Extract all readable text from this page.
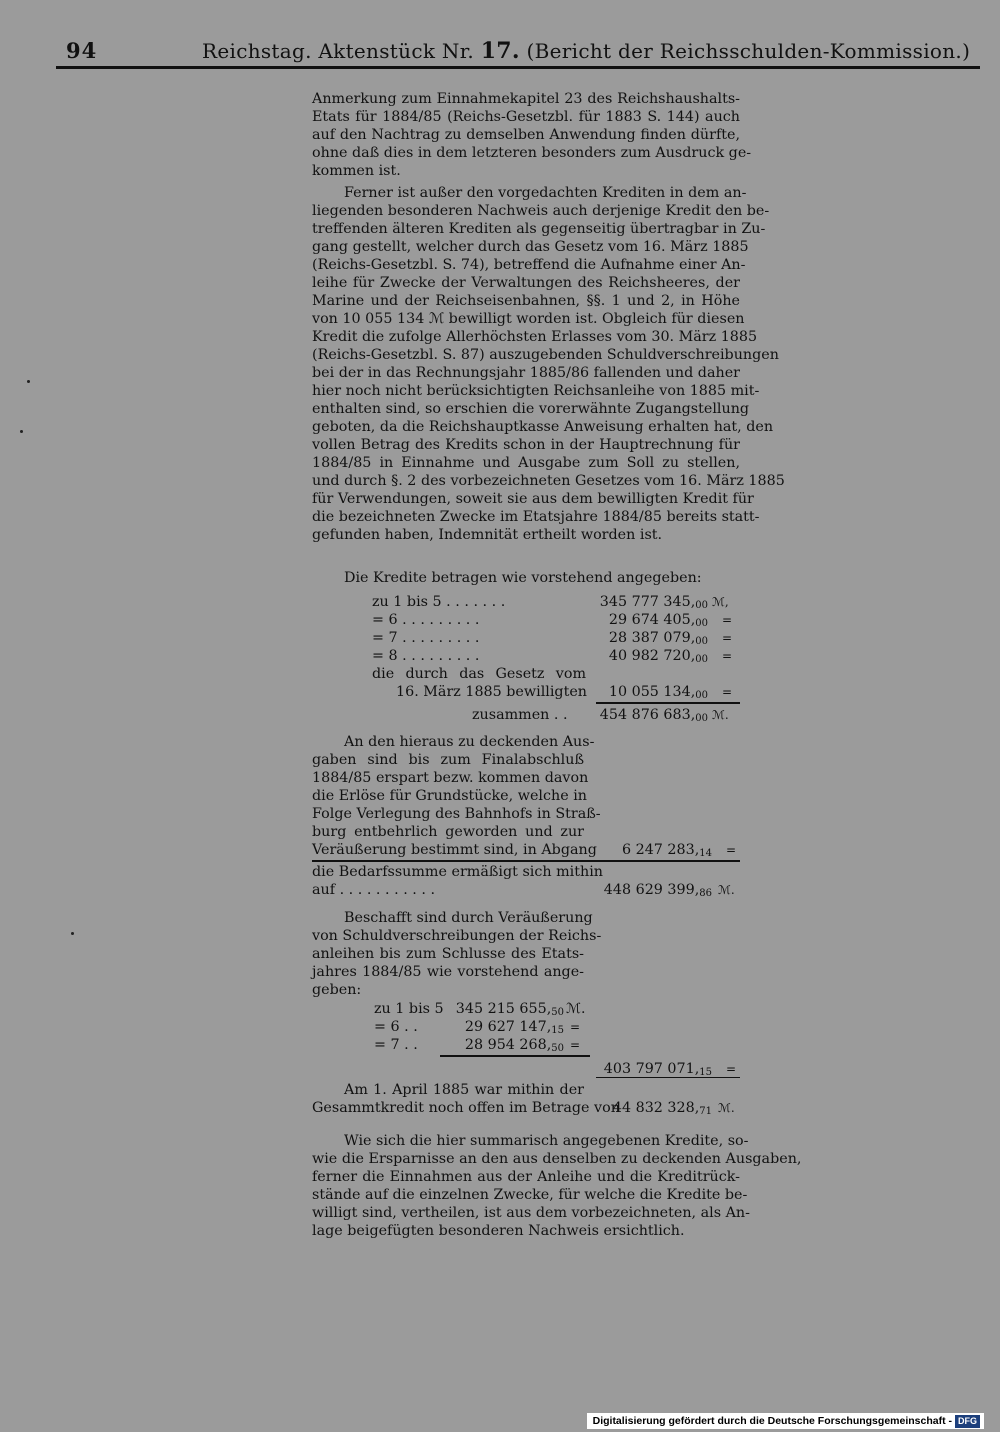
94	Reichstag. Aktenstück Nr. 17. (Bericht der Reichsschulden-Kommission.)
Anmerkung zum Einnahmekapitel 23 des Reichshaushalts-
Etats für 1884/85 (Reichs-Gesetzbl. für 1883 S. 144) auch
auf den Nachtrag zu demselben Anwendung finden dürfte,
ohne daß dies in dem letzteren besonders zum Ausdruck ge-
kommen ist.
Ferner ist außer den vorgedachten Krediten in dem an-
liegenden besonderen Nachweis auch derjenige Kredit den be-
treffenden älteren Krediten als gegenseitig übertragbar in Zu-
gang gestellt, welcher durch das Gesetz vom 16. März 1885
(Reichs-Gesetzbl. S. 74), betreffend die Aufnahme einer An-
leihe für Zwecke der Verwaltungen des Reichsheeres, der
Marine und der Reichseisenbahnen, §§. 1 und 2, in Höhe
von 10 055 134 ℳ bewilligt worden ist. Obgleich für diesen
Kredit die zufolge Allerhöchsten Erlasses vom 30. März 1885
(Reichs-Gesetzbl. S. 87) auszugebenden Schuldverschreibungen
bei der in das Rechnungsjahr 1885/86 fallenden und daher
hier noch nicht berücksichtigten Reichsanleihe von 1885 mit-
enthalten sind, so erschien die vorerwähnte Zugangstellung
geboten, da die Reichshauptkasse Anweisung erhalten hat, den
vollen Betrag des Kredits schon in der Hauptrechnung für
1884/85 in Einnahme und Ausgabe zum Soll zu stellen,
und durch §. 2 des vorbezeichneten Gesetzes vom 16. März 1885
für Verwendungen, soweit sie aus dem bewilligten Kredit für
die bezeichneten Zwecke im Etatsjahre 1884/85 bereits statt-
gefunden haben, Indemnität ertheilt worden ist.
Die Kredite betragen wie vorstehend angegeben:
zu 1 bis 5 . . . . . . .	345 777 345,00 ℳ,
= 6 . . . . . . . . .	29 674 405,00 =
= 7 . . . . . . . . .	28 387 079,00 =
= 8 . . . . . . . . .	40 982 720,00 =
die durch das Gesetz vom
16. März 1885 bewilligten	10 055 134,00 =
zusammen . .	454 876 683,00 ℳ.
An den hieraus zu deckenden Aus-
gaben sind bis zum Finalabschluß
1884/85 erspart bezw. kommen davon
die Erlöse für Grundstücke, welche in
Folge Verlegung des Bahnhofs in Straß-
burg entbehrlich geworden und zur
Veräußerung bestimmt sind, in Abgang	6 247 283,14 =
die Bedarfssumme ermäßigt sich mithin
auf . . . . . . . . . . .	448 629 399,86 ℳ.
Beschafft sind durch Veräußerung
von Schuldverschreibungen der Reichs-
anleihen bis zum Schlusse des Etats-
jahres 1884/85 wie vorstehend ange-
geben:
zu 1 bis 5 345 215 655,50 ℳ.
= 6 . .	29 627 147,15 =
= 7 . .	28 954 268,50 =
403 797 071,15 =
Am 1. April 1885 war mithin der
Gesammtkredit noch offen im Betrage von
44 832 328,71 ℳ.
Wie sich die hier summarisch angegebenen Kredite, so-
wie die Ersparnisse an den aus denselben zu deckenden Ausgaben,
ferner die Einnahmen aus der Anleihe und die Kreditrück-
stände auf die einzelnen Zwecke, für welche die Kredite be-
willigt sind, vertheilen, ist aus dem vorbezeichneten, als An-
lage beigefügten besonderen Nachweis ersichtlich.
Digitalisierung gefördert durch die Deutsche Forschungsgemeinschaft - DFG
